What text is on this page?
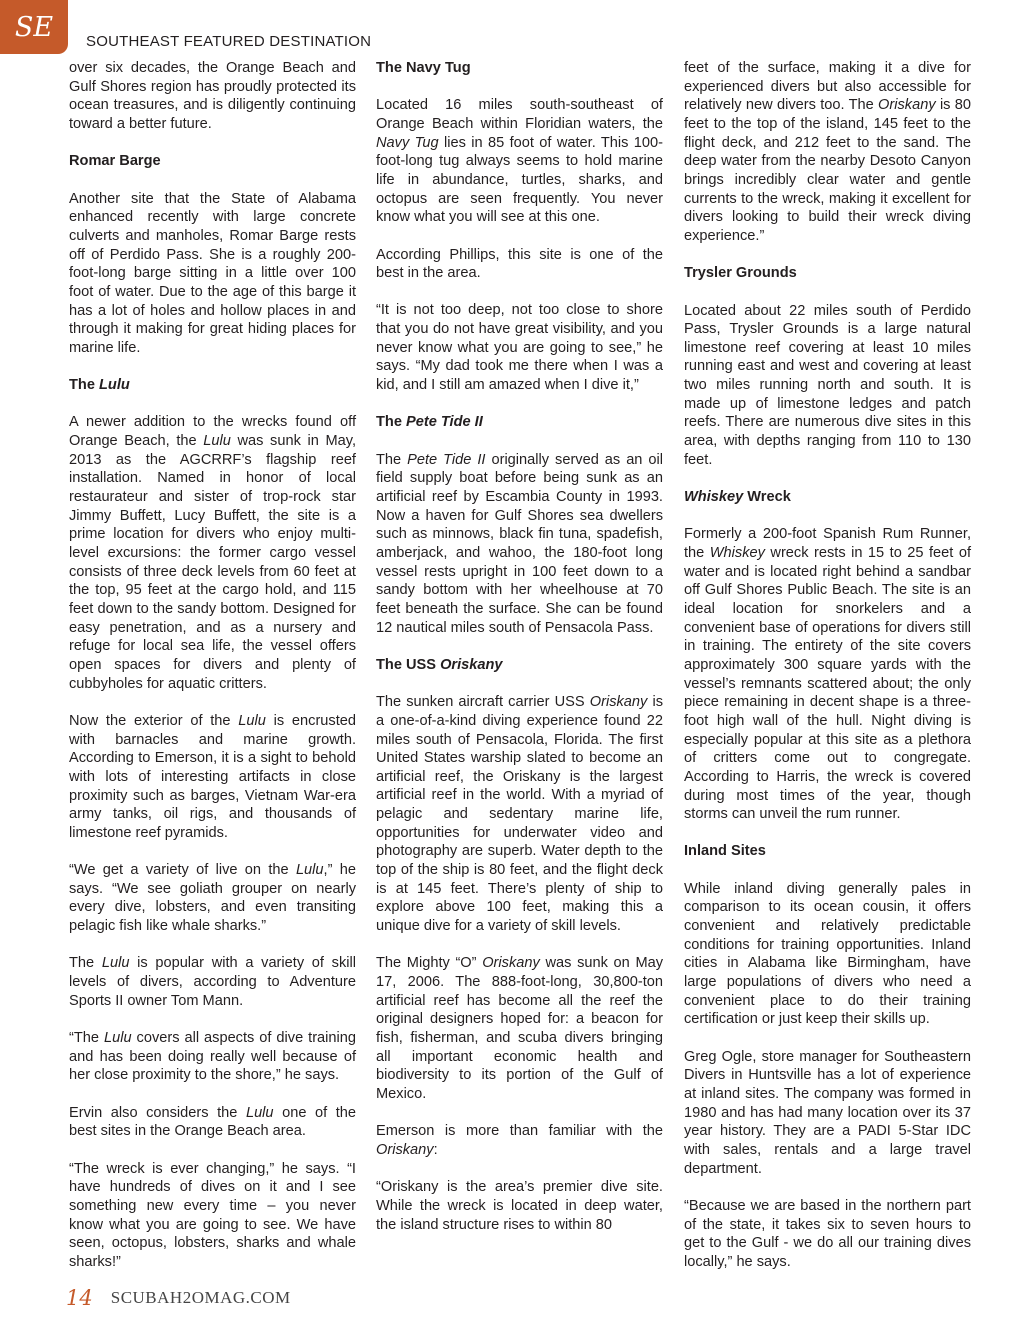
SE SOUTHEAST FEATURED DESTINATION

over six decades, the Orange Beach and Gulf Shores region has proudly protected its ocean treasures, and is diligently continuing toward a better future.

Romar Barge

Another site that the State of Alabama enhanced recently with large concrete culverts and manholes, Romar Barge rests off of Perdido Pass. She is a roughly 200-foot-long barge sitting in a little over 100 foot of water. Due to the age of this barge it has a lot of holes and hollow places in and through it making for great hiding places for marine life.

The Lulu

A newer addition to the wrecks found off Orange Beach, the Lulu was sunk in May, 2013 as the AGCRRF’s flagship reef installation. Named in honor of local restaurateur and sister of trop-rock star Jimmy Buffett, Lucy Buffett, the site is a prime location for divers who enjoy multi-level excursions: the former cargo vessel consists of three deck levels from 60 feet at the top, 95 feet at the cargo hold, and 115 feet down to the sandy bottom. Designed for easy penetration, and as a nursery and refuge for local sea life, the vessel offers open spaces for divers and plenty of cubbyholes for aquatic critters.

Now the exterior of the Lulu is encrusted with barnacles and marine growth. According to Emerson, it is a sight to behold with lots of interesting artifacts in close proximity such as barges, Vietnam War-era army tanks, oil rigs, and thousands of limestone reef pyramids.

“We get a variety of live on the Lulu,” he says. “We see goliath grouper on nearly every dive, lobsters, and even transiting pelagic fish like whale sharks.”

The Lulu is popular with a variety of skill levels of divers, according to Adventure Sports II owner Tom Mann.

“The Lulu covers all aspects of dive training and has been doing really well because of her close proximity to the shore,” he says.

Ervin also considers the Lulu one of the best sites in the Orange Beach area.

“The wreck is ever changing,” he says. “I have hundreds of dives on it and I see something new every time – you never know what you are going to see. We have seen, octopus, lobsters, sharks and whale sharks!”

The Navy Tug

Located 16 miles south-southeast of Orange Beach within Floridian waters, the Navy Tug lies in 85 foot of water. This 100-foot-long tug always seems to hold marine life in abundance, turtles, sharks, and octopus are seen frequently. You never know what you will see at this one.

According Phillips, this site is one of the best in the area.

“It is not too deep, not too close to shore that you do not have great visibility, and you never know what you are going to see,” he says. “My dad took me there when I was a kid, and I still am amazed when I dive it,”

The Pete Tide II

The Pete Tide II originally served as an oil field supply boat before being sunk as an artificial reef by Escambia County in 1993. Now a haven for Gulf Shores sea dwellers such as minnows, black fin tuna, spadefish, amberjack, and wahoo, the 180-foot long vessel rests upright in 100 feet down to a sandy bottom with her wheelhouse at 70 feet beneath the surface. She can be found 12 nautical miles south of Pensacola Pass.

The USS Oriskany

The sunken aircraft carrier USS Oriskany is a one-of-a-kind diving experience found 22 miles south of Pensacola, Florida. The first United States warship slated to become an artificial reef, the Oriskany is the largest artificial reef in the world. With a myriad of pelagic and sedentary marine life, opportunities for underwater video and photography are superb. Water depth to the top of the ship is 80 feet, and the flight deck is at 145 feet. There’s plenty of ship to explore above 100 feet, making this a unique dive for a variety of skill levels.

The Mighty “O” Oriskany was sunk on May 17, 2006. The 888-foot-long, 30,800-ton artificial reef has become all the reef the original designers hoped for: a beacon for fish, fisherman, and scuba divers bringing all important economic health and biodiversity to its portion of the Gulf of Mexico.

Emerson is more than familiar with the Oriskany:

“Oriskany is the area’s premier dive site. While the wreck is located in deep water, the island structure rises to within 80

feet of the surface, making it a dive for experienced divers but also accessible for relatively new divers too. The Oriskany is 80 feet to the top of the island, 145 feet to the flight deck, and 212 feet to the sand. The deep water from the nearby Desoto Canyon brings incredibly clear water and gentle currents to the wreck, making it excellent for divers looking to build their wreck diving experience.”

Trysler Grounds

Located about 22 miles south of Perdido Pass, Trysler Grounds is a large natural limestone reef covering at least 10 miles running east and west and covering at least two miles running north and south. It is made up of limestone ledges and patch reefs. There are numerous dive sites in this area, with depths ranging from 110 to 130 feet.

Whiskey Wreck

Formerly a 200-foot Spanish Rum Runner, the Whiskey wreck rests in 15 to 25 feet of water and is located right behind a sandbar off Gulf Shores Public Beach. The site is an ideal location for snorkelers and a convenient base of operations for divers still in training. The entirety of the site covers approximately 300 square yards with the vessel’s remnants scattered about; the only piece remaining in decent shape is a three-foot high wall of the hull. Night diving is especially popular at this site as a plethora of critters come out to congregate. According to Harris, the wreck is covered during most times of the year, though storms can unveil the rum runner.

Inland Sites

While inland diving generally pales in comparison to its ocean cousin, it offers convenient and relatively predictable conditions for training opportunities. Inland cities in Alabama like Birmingham, have large populations of divers who need a convenient place to do their training certification or just keep their skills up.

Greg Ogle, store manager for Southeastern Divers in Huntsville has a lot of experience at inland sites. The company was formed in 1980 and has had many location over its 37 year history. They are a PADI 5-Star IDC with sales, rentals and a large travel department.

“Because we are based in the northern part of the state, it takes six to seven hours to get to the Gulf - we do all our training dives locally,” he says.

14 SCUBAH2OMAG.COM
